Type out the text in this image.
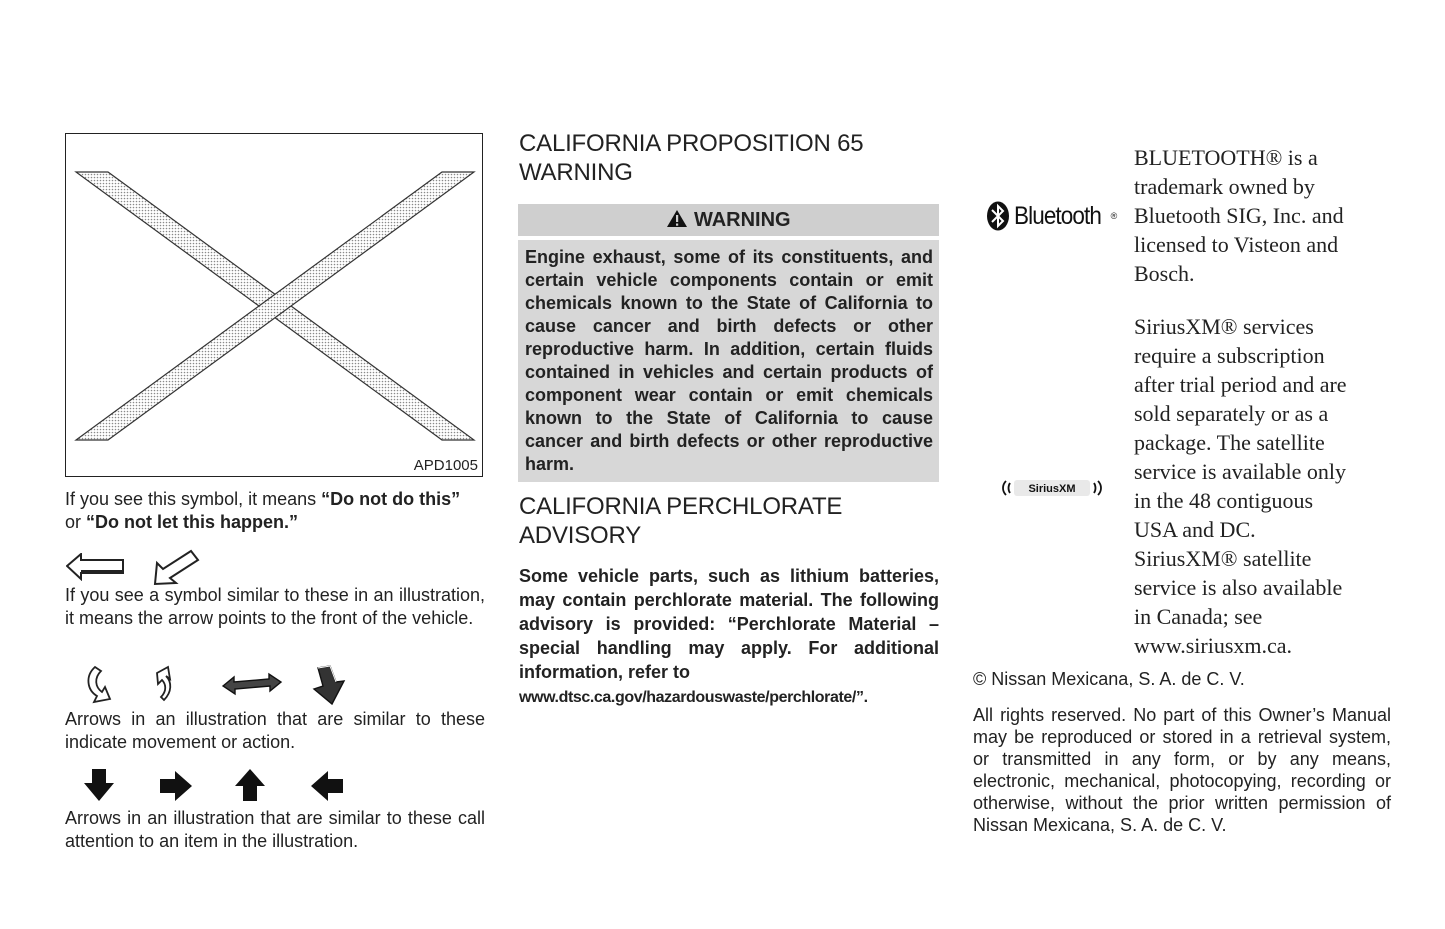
APD1005
If you see this symbol, it means “Do not do this”
or “Do not let this happen.”
If you see a symbol similar to these in an illustration, it means the arrow points to the front of the vehicle.
Arrows in an illustration that are similar to these indicate movement or action.
Arrows in an illustration that are similar to these call attention to an item in the illustration.
CALIFORNIA PROPOSITION 65
WARNING
WARNING
Engine exhaust, some of its constituents, and certain vehicle components contain or emit chemicals known to the State of California to cause cancer and birth defects or other reproductive harm. In addition, certain fluids contained in vehicles and certain products of component wear contain or emit chemicals known to the State of California to cause cancer and birth defects or other reproductive harm.
CALIFORNIA PERCHLORATE
ADVISORY
Some vehicle parts, such as lithium batteries, may contain perchlorate material. The following advisory is provided: “Perchlorate Material – special handling may apply. For additional information, refer to
www.dtsc.ca.gov/hazardouswaste/perchlorate/”.
Bluetooth ®
BLUETOOTH® is a
trademark owned by
Bluetooth SIG, Inc. and
licensed to Visteon and
Bosch.
SiriusXM
SiriusXM® services
require a subscription
after trial period and are
sold separately or as a
package. The satellite
service is available only
in the 48 contiguous
USA and DC.
SiriusXM® satellite
service is also available
in Canada; see
www.siriusxm.ca.
© Nissan Mexicana, S. A. de C. V.
All rights reserved. No part of this Owner’s Manual may be reproduced or stored in a retrieval system, or transmitted in any form, or by any means, electronic, mechanical, photocopying, recording or otherwise, without the prior written permission of Nissan Mexicana, S. A. de C. V.
